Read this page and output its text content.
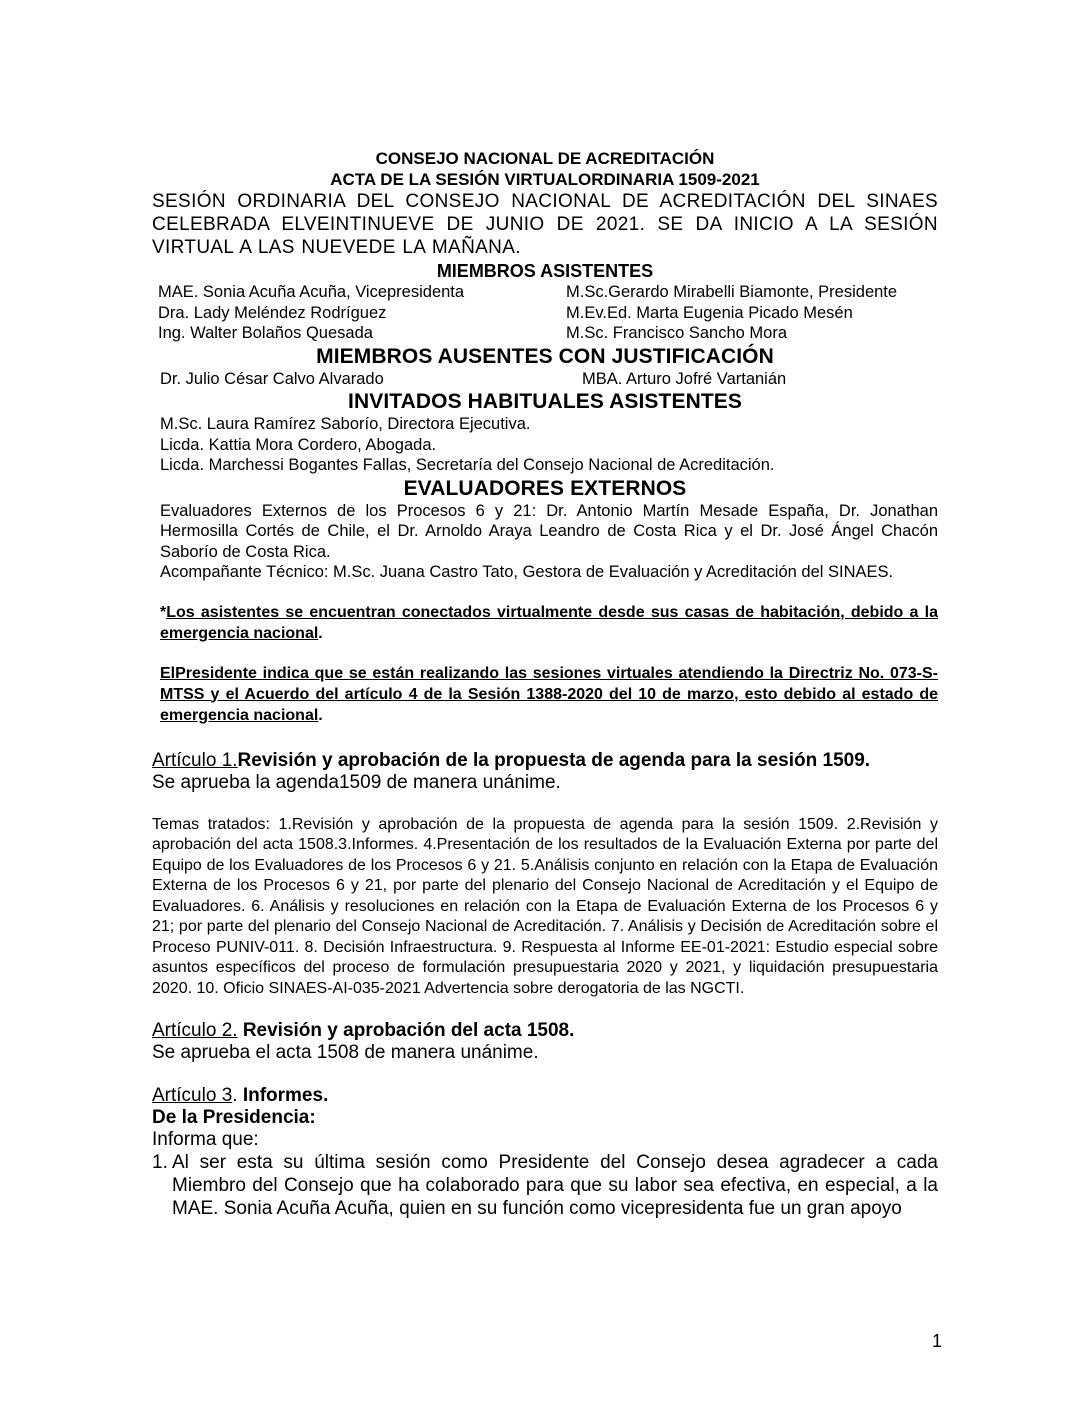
CONSEJO NACIONAL DE ACREDITACIÓN
ACTA DE LA SESIÓN VIRTUALORDINARIA 1509-2021
SESIÓN ORDINARIA DEL CONSEJO NACIONAL DE ACREDITACIÓN DEL SINAES CELEBRADA ELVEINTINUEVE DE JUNIO DE 2021. SE DA INICIO A LA SESIÓN VIRTUAL A LAS NUEVEDE LA MAÑANA.
MIEMBROS ASISTENTES
MAE. Sonia Acuña Acuña, Vicepresidenta	M.Sc.Gerardo Mirabelli Biamonte, Presidente
Dra. Lady Meléndez Rodríguez	M.Ev.Ed. Marta Eugenia Picado Mesén
Ing. Walter Bolaños Quesada	M.Sc. Francisco Sancho Mora
MIEMBROS AUSENTES CON JUSTIFICACIÓN
Dr. Julio César Calvo Alvarado	MBA. Arturo Jofré Vartanián
INVITADOS HABITUALES ASISTENTES
M.Sc. Laura Ramírez Saborío, Directora Ejecutiva.
Licda. Kattia Mora Cordero, Abogada.
Licda. Marchessi Bogantes Fallas, Secretaría del Consejo Nacional de Acreditación.
EVALUADORES EXTERNOS
Evaluadores Externos de los Procesos 6 y 21: Dr. Antonio Martín Mesade España, Dr. Jonathan Hermosilla Cortés de Chile, el Dr. Arnoldo Araya Leandro de Costa Rica y el Dr. José Ángel Chacón Saborío de Costa Rica.
Acompañante Técnico: M.Sc. Juana Castro Tato, Gestora de Evaluación y Acreditación del SINAES.
*Los asistentes se encuentran conectados virtualmente desde sus casas de habitación, debido a la emergencia nacional.
ElPresidente indica que se están realizando las sesiones virtuales atendiendo la Directriz No. 073-S-MTSS y el Acuerdo del artículo 4 de la Sesión 1388-2020 del 10 de marzo, esto debido al estado de emergencia nacional.
Artículo 1.Revisión y aprobación de la propuesta de agenda para la sesión 1509.
Se aprueba la agenda1509 de manera unánime.
Temas tratados: 1.Revisión y aprobación de la propuesta de agenda para la sesión 1509. 2.Revisión y aprobación del acta 1508.3.Informes. 4.Presentación de los resultados de la Evaluación Externa por parte del Equipo de los Evaluadores de los Procesos 6 y 21. 5.Análisis conjunto en relación con la Etapa de Evaluación Externa de los Procesos 6 y 21, por parte del plenario del Consejo Nacional de Acreditación y el Equipo de Evaluadores. 6. Análisis y resoluciones en relación con la Etapa de Evaluación Externa de los Procesos 6 y 21; por parte del plenario del Consejo Nacional de Acreditación. 7. Análisis y Decisión de Acreditación sobre el Proceso PUNIV-011. 8. Decisión Infraestructura. 9. Respuesta al Informe EE-01-2021: Estudio especial sobre asuntos específicos del proceso de formulación presupuestaria 2020 y 2021, y liquidación presupuestaria 2020. 10. Oficio SINAES-AI-035-2021 Advertencia sobre derogatoria de las NGCTI.
Artículo 2. Revisión y aprobación del acta 1508.
Se aprueba el acta 1508 de manera unánime.
Artículo 3. Informes.
De la Presidencia:
Informa que:
1. Al ser esta su última sesión como Presidente del Consejo desea agradecer a cada Miembro del Consejo que ha colaborado para que su labor sea efectiva, en especial, a la MAE. Sonia Acuña Acuña, quien en su función como vicepresidenta fue un gran apoyo
1
